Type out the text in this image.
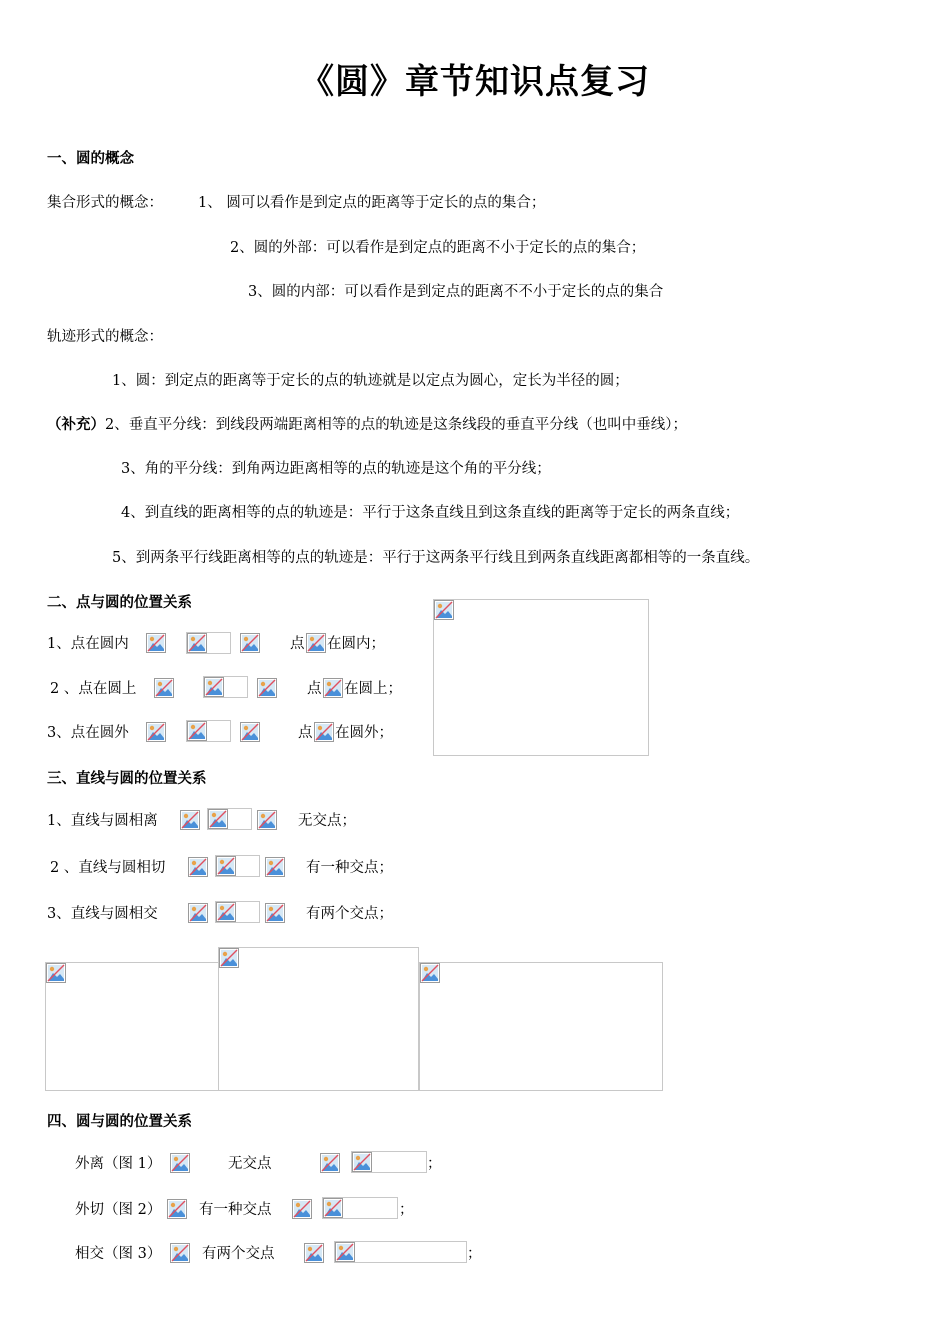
《圆》章节知识点复习
一、圆的概念
集合形式的概念： 1、 圆可以看作是到定点的距离等于定长的点的集合；
2、圆的外部：可以看作是到定点的距离不小于定长的点的集合；
3、圆的内部：可以看作是到定点的距离不不小于定长的点的集合
轨迹形式的概念：
1、圆：到定点的距离等于定长的点的轨迹就是以定点为圆心，定长为半径的圆；
（补充）2、垂直平分线：到线段两端距离相等的点的轨迹是这条线段的垂直平分线（也叫中垂线）；
3、角的平分线：到角两边距离相等的点的轨迹是这个角的平分线；
4、到直线的距离相等的点的轨迹是：平行于这条直线且到这条直线的距离等于定长的两条直线；
5、到两条平行线距离相等的点的轨迹是：平行于这两条平行线且到两条直线距离都相等的一条直线。
二、点与圆的位置关系
1、点在圆内	点 在圆内；
2 、点在圆上	点 在圆上；
3、点在圆外	点 在圆外；
三、直线与圆的位置关系
1、直线与圆相离	无交点；
2 、直线与圆相切	有一种交点；
3、直线与圆相交	有两个交点；
四、圆与圆的位置关系
外离（图 1）	无交点	；
外切（图 2）	有一种交点	；
相交（图 3）	有两个交点	；
